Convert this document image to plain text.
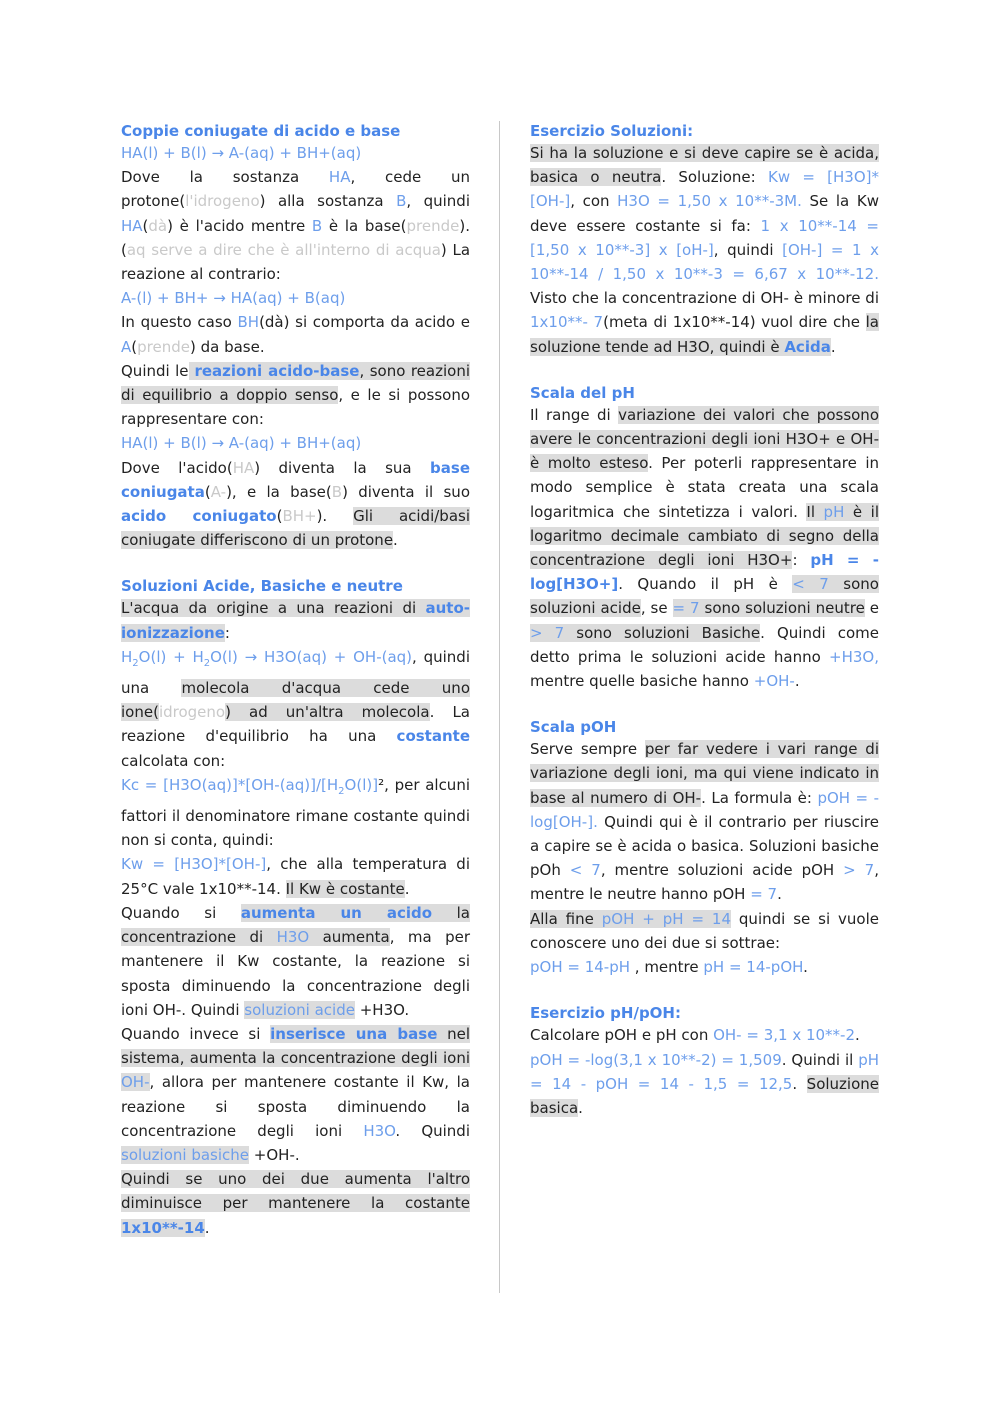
Coppie coniugate di acido e base

HA(l) + B(l) → A-(aq) + BH+(aq)

Dove la sostanza HA, cede un protone(l'idrogeno) alla sostanza B, quindi HA(dà) è l'acido mentre B è la base(prende).(aq serve a dire che è all'interno di acqua) La reazione al contrario:

A-(l) + BH+ → HA(aq) + B(aq)

In questo caso BH(dà) si comporta da acido e A(prende) da base.

Quindi le reazioni acido-base, sono reazioni di equilibrio a doppio senso, e le si possono rappresentare con:

HA(l) + B(l) → A-(aq) + BH+(aq)

Dove l'acido(HA) diventa la sua base coniugata(A-), e la base(B) diventa il suo acido coniugato(BH+). Gli acidi/basi coniugate differiscono di un protone.

Soluzioni Acide, Basiche e neutre

L'acqua da origine a una reazioni di auto-ionizzazione:

$H_2O(l) + H_2O(l) \to H3O(aq) + OH-(aq)$, quindi una molecola d'acqua cede uno ione(idrogeno) ad un'altra molecola. La reazione d'equilibrio ha una costante calcolata con:

$Kc = [H3O(aq)]*[OH-(aq)]/[H_2O(l)]^2$, per alcuni fattori il denominatore rimane costante quindi non si conta, quindi:

Kw = [H3O]*[OH-], che alla temperatura di 25°C vale 1x10**-14. Il Kw è costante.

Quando si aumenta un acido la concentrazione di H3O aumenta, ma per mantenere il Kw costante, la reazione si sposta diminuendo la concentrazione degli ioni OH-. Quindi soluzioni acide +H3O.

Quando invece si inserisce una base nel sistema, aumenta la concentrazione degli ioni OH-, allora per mantenere costante il Kw, la reazione si sposta diminuendo la concentrazione degli ioni H3O. Quindi soluzioni basiche +OH-.

Quindi se uno dei due aumenta l'altro diminuisce per mantenere la costante 1x10**-14.

Esercizio Soluzioni:

Si ha la soluzione e si deve capire se è acida, basica o neutra. Soluzione: Kw = [H3O]*[OH-], con H3O = 1,50 x 10**-3M. Se la Kw deve essere costante si fa: 1 x 10**-14 = [1,50 x 10**-3] x [oH-], quindi [OH-] = 1 x 10**-14 / 1,50 x 10**-3 = 6,67 x 10**-12. Visto che la concentrazione di OH- è minore di 1x10**- 7(meta di 1x10**-14) vuol dire che la soluzione tende ad H3O, quindi è Acida.

Scala del pH

Il range di variazione dei valori che possono avere le concentrazioni degli ioni H3O+ e OH- è molto esteso. Per poterli rappresentare in modo semplice è stata creata una scala logaritmica che sintetizza i valori. Il pH è il logaritmo decimale cambiato di segno della concentrazione degli ioni H3O+: pH = -log[H3O+]. Quando il pH è < 7 sono soluzioni acide, se = 7 sono soluzioni neutre e > 7 sono soluzioni Basiche. Quindi come detto prima le soluzioni acide hanno +H3O, mentre quelle basiche hanno +OH-.

Scala pOH

Serve sempre per far vedere i vari range di variazione degli ioni, ma qui viene indicato in base al numero di OH-. La formula è: pOH = -log[OH-]. Quindi qui è il contrario per riuscire a capire se è acida o basica. Soluzioni basiche pOh < 7, mentre soluzioni acide pOH > 7, mentre le neutre hanno pOH = 7.

Alla fine pOH + pH = 14 quindi se si vuole conoscere uno dei due si sottrae:

pOH = 14-pH , mentre pH = 14-pOH.

Esercizio pH/pOH:

Calcolare pOH e pH con OH- = 3,1 x 10**-2.

pOH = -log(3,1 x 10**-2) = 1,509. Quindi il pH = 14 - pOH = 14 - 1,5 = 12,5. Soluzione basica.
